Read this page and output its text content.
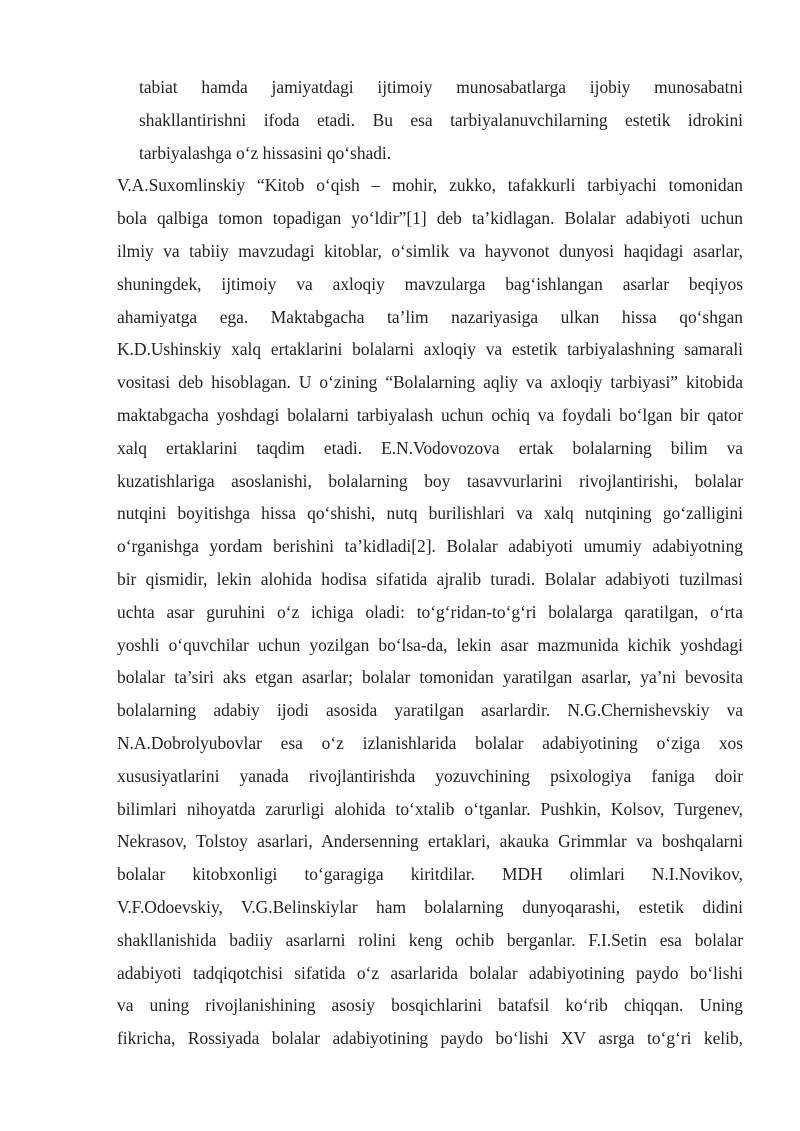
tabiat hamda jamiyatdagi ijtimoiy munosabatlarga ijobiy munosabatni
shakllantirishni ifoda etadi. Bu esa tarbiyalanuvchilarning estetik idrokini
tarbiyalashga o‘z hissasini qo‘shadi.
V.A.Suxomlinskiy “Kitob o‘qish – mohir, zukko, tafakkurli tarbiyachi tomonidan
bola qalbiga tomon topadigan yo‘ldir”[1] deb ta’kidlagan. Bolalar adabiyoti uchun
ilmiy va tabiiy mavzudagi kitoblar, o‘simlik va hayvonot dunyosi haqidagi asarlar,
shuningdek, ijtimoiy va axloqiy mavzularga bag‘ishlangan asarlar beqiyos
ahamiyatga ega. Maktabgacha ta’lim nazariyasiga ulkan hissa qo‘shgan
K.D.Ushinskiy xalq ertaklarini bolalarni axloqiy va estetik tarbiyalashning samarali
vositasi deb hisoblagan. U o‘zining “Bolalarning aqliy va axloqiy tarbiyasi” kitobida
maktabgacha yoshdagi bolalarni tarbiyalash uchun ochiq va foydali bo‘lgan bir qator
xalq ertaklarini taqdim etadi. E.N.Vodovozova ertak bolalarning bilim va
kuzatishlariga asoslanishi, bolalarning boy tasavvurlarini rivojlantirishi, bolalar
nutqini boyitishga hissa qo‘shishi, nutq burilishlari va xalq nutqining go‘zalligini
o‘rganishga yordam berishini ta’kidladi[2]. Bolalar adabiyoti umumiy adabiyotning
bir qismidir, lekin alohida hodisa sifatida ajralib turadi. Bolalar adabiyoti tuzilmasi
uchta asar guruhini o‘z ichiga oladi: to‘g‘ridan-to‘g‘ri bolalarga qaratilgan, o‘rta
yoshli o‘quvchilar uchun yozilgan bo‘lsa-da, lekin asar mazmunida kichik yoshdagi
bolalar ta’siri aks etgan asarlar; bolalar tomonidan yaratilgan asarlar, ya’ni bevosita
bolalarning adabiy ijodi asosida yaratilgan asarlardir. N.G.Chernishevskiy va
N.A.Dobrolyubovlar esa o‘z izlanishlarida bolalar adabiyotining o‘ziga xos
xususiyatlarini yanada rivojlantirishda yozuvchining psixologiya faniga doir
bilimlari nihoyatda zarurligi alohida to‘xtalib o‘tganlar. Pushkin, Kolsov, Turgenev,
Nekrasov, Tolstoy asarlari, Andersenning ertaklari, akauka Grimmlar va boshqalarni
bolalar kitobxonligi to‘garagiga kiritdilar. MDH olimlari N.I.Novikov,
V.F.Odoevskiy, V.G.Belinskiylar ham bolalarning dunyoqarashi, estetik didini
shakllanishida badiiy asarlarni rolini keng ochib berganlar. F.I.Setin esa bolalar
adabiyoti tadqiqotchisi sifatida o‘z asarlarida bolalar adabiyotining paydo bo‘lishi
va uning rivojlanishining asosiy bosqichlarini batafsil ko‘rib chiqqan. Uning
fikricha, Rossiyada bolalar adabiyotining paydo bo‘lishi XV asrga to‘g‘ri kelib,
